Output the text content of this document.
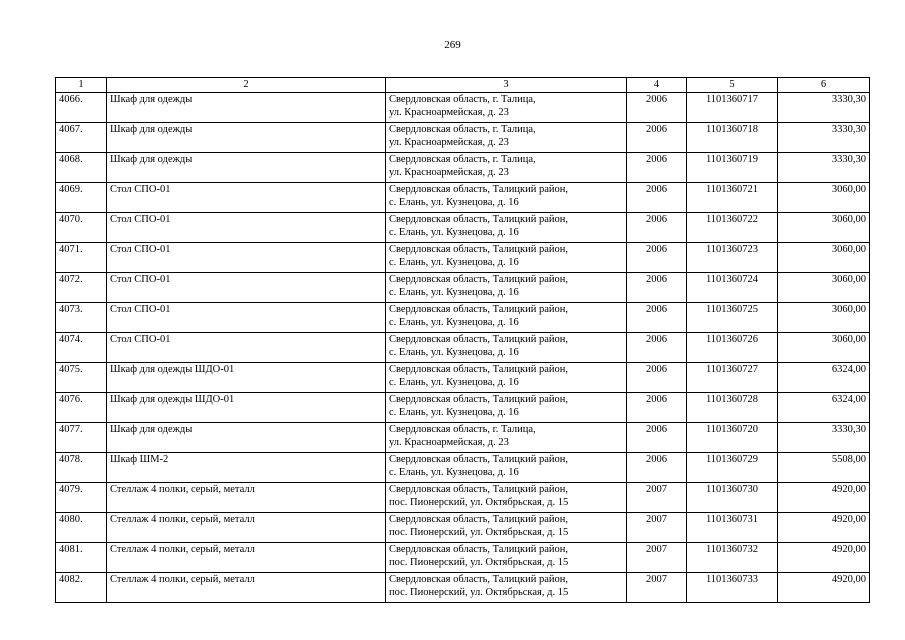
269
1	2	3	4	5	6
4066.	Шкаф для одежды	Свердловская область, г. Талица,
ул. Красноармейская, д. 23	2006	1101360717	3330,30
4067.	Шкаф для одежды	Свердловская область, г. Талица,
ул. Красноармейская, д. 23	2006	1101360718	3330,30
4068.	Шкаф для одежды	Свердловская область, г. Талица,
ул. Красноармейская, д. 23	2006	1101360719	3330,30
4069.	Стол СПО-01	Свердловская область, Талицкий район,
с. Елань, ул. Кузнецова, д. 16	2006	1101360721	3060,00
4070.	Стол СПО-01	Свердловская область, Талицкий район,
с. Елань, ул. Кузнецова, д. 16	2006	1101360722	3060,00
4071.	Стол СПО-01	Свердловская область, Талицкий район,
с. Елань, ул. Кузнецова, д. 16	2006	1101360723	3060,00
4072.	Стол СПО-01	Свердловская область, Талицкий район,
с. Елань, ул. Кузнецова, д. 16	2006	1101360724	3060,00
4073.	Стол СПО-01	Свердловская область, Талицкий район,
с. Елань, ул. Кузнецова, д. 16	2006	1101360725	3060,00
4074.	Стол СПО-01	Свердловская область, Талицкий район,
с. Елань, ул. Кузнецова, д. 16	2006	1101360726	3060,00
4075.	Шкаф для одежды ШДО-01	Свердловская область, Талицкий район,
с. Елань, ул. Кузнецова, д. 16	2006	1101360727	6324,00
4076.	Шкаф для одежды ШДО-01	Свердловская область, Талицкий район,
с. Елань, ул. Кузнецова, д. 16	2006	1101360728	6324,00
4077.	Шкаф для одежды	Свердловская область, г. Талица,
ул. Красноармейская, д. 23	2006	1101360720	3330,30
4078.	Шкаф ШМ-2	Свердловская область, Талицкий район,
с. Елань, ул. Кузнецова, д. 16	2006	1101360729	5508,00
4079.	Стеллаж 4 полки, серый, металл	Свердловская область, Талицкий район,
пос. Пионерский, ул. Октябрьская, д. 15	2007	1101360730	4920,00
4080.	Стеллаж 4 полки, серый, металл	Свердловская область, Талицкий район,
пос. Пионерский, ул. Октябрьская, д. 15	2007	1101360731	4920,00
4081.	Стеллаж 4 полки, серый, металл	Свердловская область, Талицкий район,
пос. Пионерский, ул. Октябрьская, д. 15	2007	1101360732	4920,00
4082.	Стеллаж 4 полки, серый, металл	Свердловская область, Талицкий район,
пос. Пионерский, ул. Октябрьская, д. 15	2007	1101360733	4920,00
